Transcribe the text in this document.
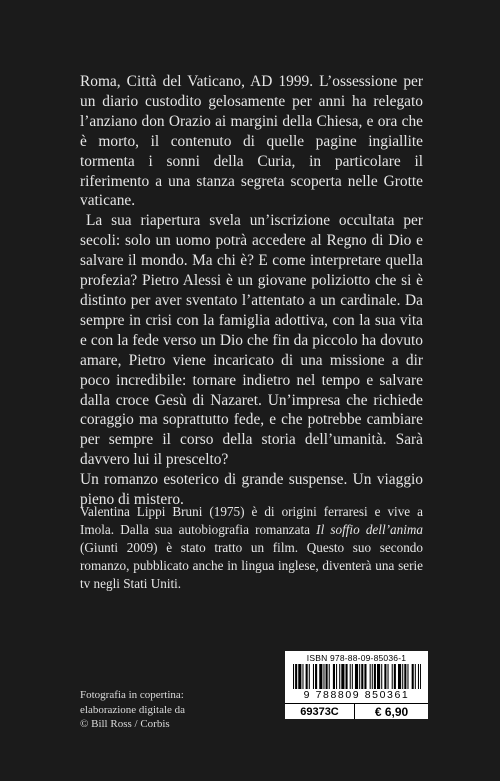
Roma, Città del Vaticano, AD 1999. L’ossessione per un diario custodito gelosamente per anni ha relegato l’anziano don Orazio ai margini della Chiesa, e ora che è morto, il contenuto di quelle pagine ingiallite tormenta i sonni della Curia, in particolare il riferimento a una stanza segreta scoperta nelle Grotte vaticane.

La sua riapertura svela un’iscrizione occultata per secoli: solo un uomo potrà accedere al Regno di Dio e salvare il mondo. Ma chi è? E come interpretare quella profezia? Pietro Alessi è un giovane poliziotto che si è distinto per aver sventato l’attentato a un cardinale. Da sempre in crisi con la famiglia adottiva, con la sua vita e con la fede verso un Dio che fin da piccolo ha dovuto amare, Pietro viene incaricato di una missione a dir poco incredibile: tornare indietro nel tempo e salvare dalla croce Gesù di Nazaret. Un’impresa che richiede coraggio ma soprattutto fede, e che potrebbe cambiare per sempre il corso della storia dell’umanità. Sarà davvero lui il prescelto?

Un romanzo esoterico di grande suspense. Un viaggio pieno di mistero.

Valentina Lippi Bruni (1975) è di origini ferraresi e vive a Imola. Dalla sua autobiografia romanzata Il soffio dell’anima (Giunti 2009) è stato tratto un film. Questo suo secondo romanzo, pubblicato anche in lingua inglese, diventerà una serie tv negli Stati Uniti.
Fotografia in copertina:
elaborazione digitale da
© Bill Ross / Corbis
ISBN 978-88-09-85036-1
9 788809 850361
69373C	€ 6,90
